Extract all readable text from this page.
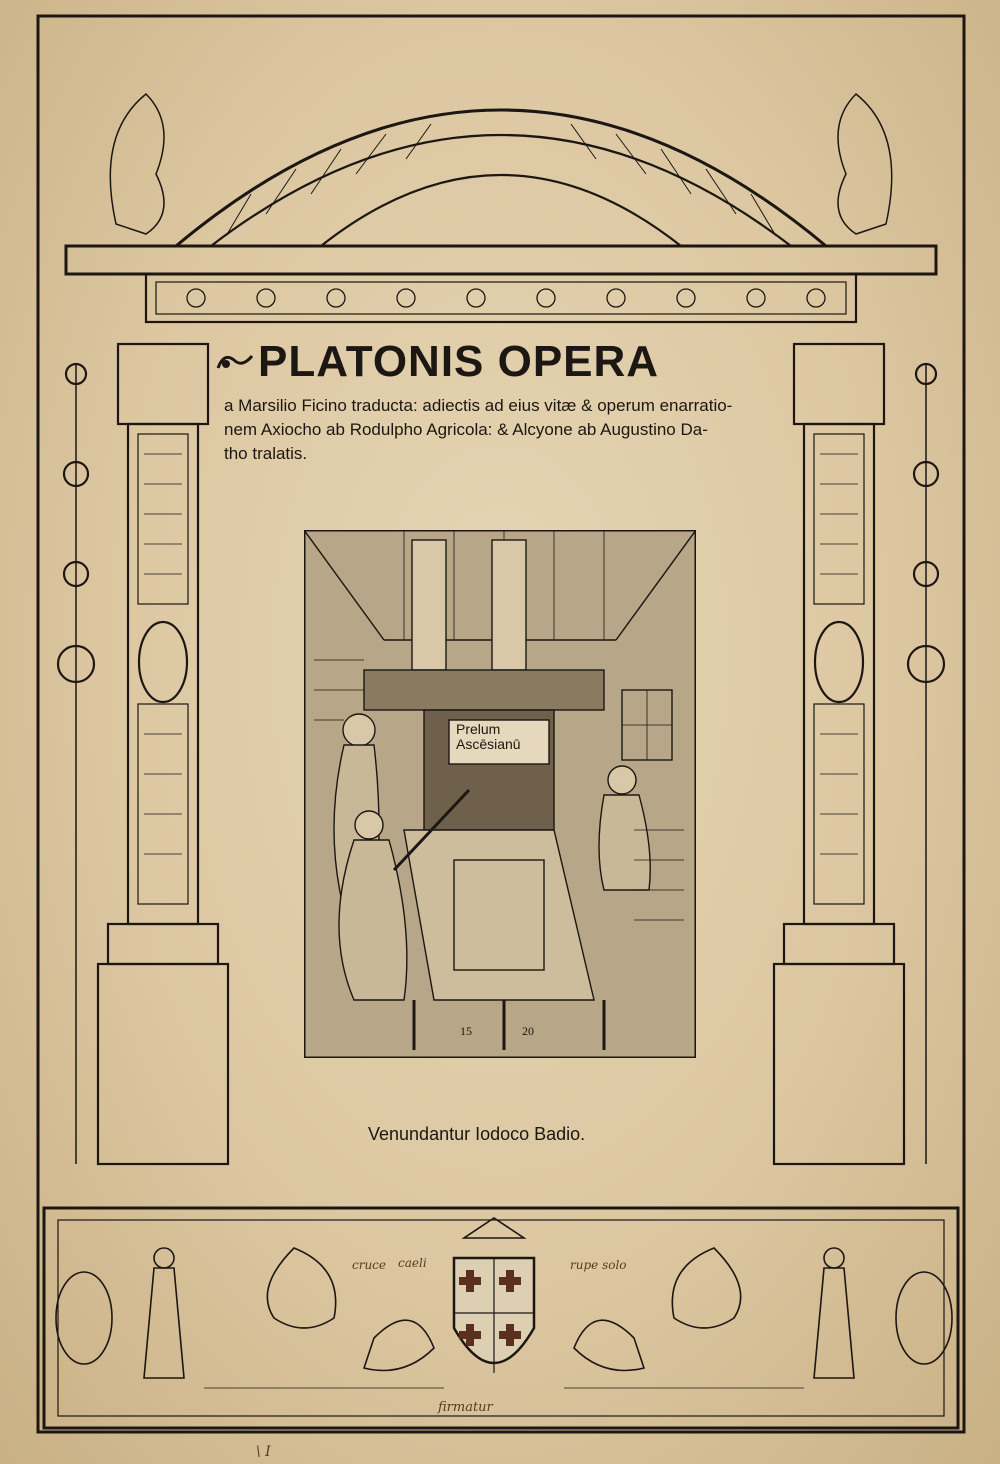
PLATONIS OPERA
a Marsilio Ficino traducta: adiectis ad eius vitæ & operum enarratio-
nem Axiocho ab Rodulpho Agricola: & Alcyone ab Augustino Da-
tho tralatis.
Prelum
Ascēsianū
15	20
Venundantur Iodoco Badio.
cruce caeli	rupe solo
firmatur
\ I
